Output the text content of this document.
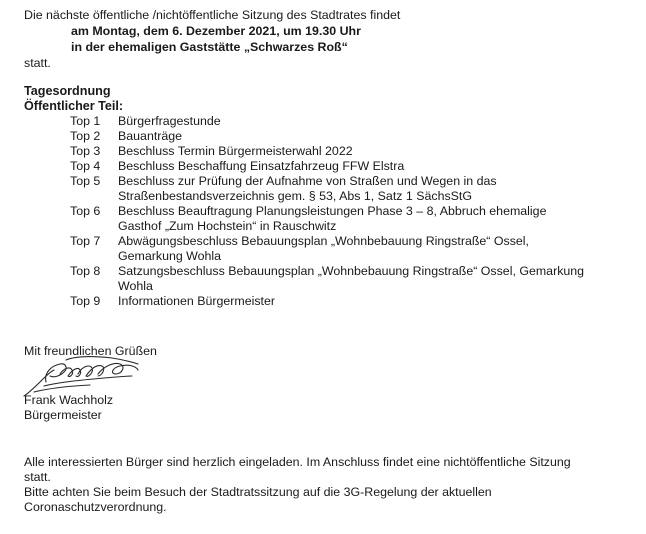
Die nächste öffentliche /nichtöffentliche Sitzung des Stadtrates findet
am Montag, dem 6. Dezember 2021, um 19.30 Uhr
in der ehemaligen Gaststätte „Schwarzes Roß“
statt.
Tagesordnung
Öffentlicher Teil:
Top 1	Bürgerfragestunde
Top 2	Bauanträge
Top 3	Beschluss Termin Bürgermeisterwahl 2022
Top 4	Beschluss Beschaffung Einsatzfahrzeug FFW Elstra
Top 5	Beschluss zur Prüfung der Aufnahme von Straßen und Wegen in das
Straßenbestandsverzeichnis gem. § 53, Abs 1, Satz 1 SächsStG
Top 6	Beschluss Beauftragung Planungsleistungen Phase 3 – 8, Abbruch ehemalige
Gasthof „Zum Hochstein“ in Rauschwitz
Top 7	Abwägungsbeschluss Bebauungsplan „Wohnbebauung Ringstraße“ Ossel,
Gemarkung Wohla
Top 8	Satzungsbeschluss Bebauungsplan „Wohnbebauung Ringstraße“ Ossel, Gemarkung
Wohla
Top 9	Informationen Bürgermeister
Mit freundlichen Grüßen
Frank Wachholz
Bürgermeister
Alle interessierten Bürger sind herzlich eingeladen. Im Anschluss findet eine nichtöffentliche Sitzung
statt.
Bitte achten Sie beim Besuch der Stadtratssitzung auf die 3G-Regelung der aktuellen
Coronaschutzverordnung.
